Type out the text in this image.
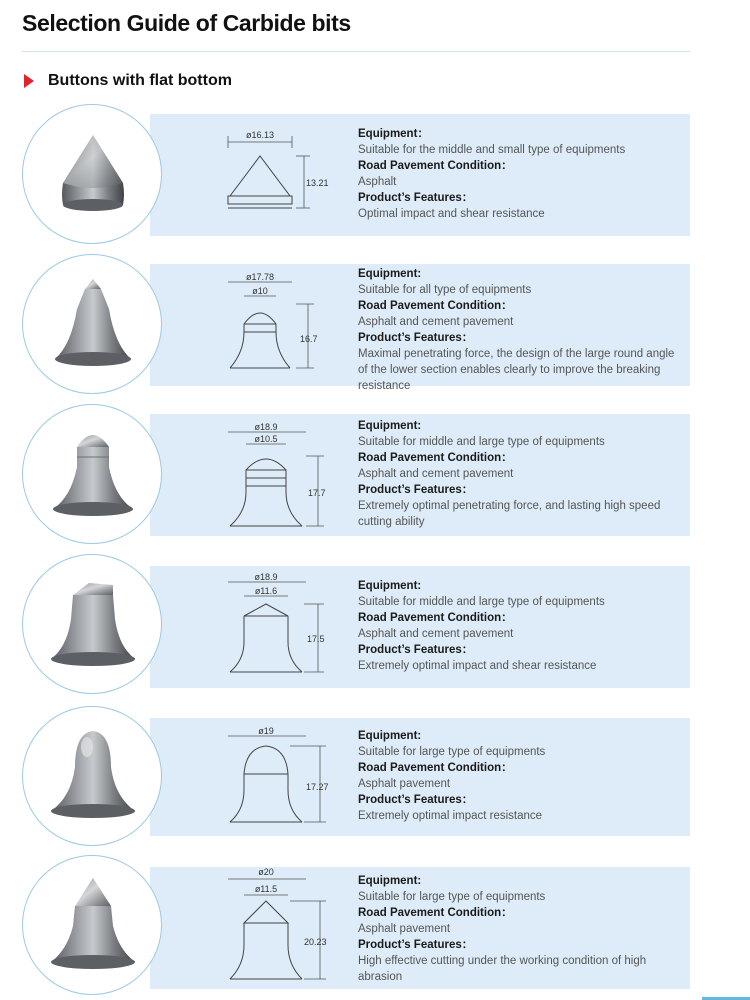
Selection Guide of Carbide bits
Buttons with flat bottom
ø16.13
13.21
Equipment：
Suitable for the middle and small type of equipments
Road Pavement Condition：
Asphalt
Product’s Features：
Optimal impact and shear resistance
ø17.78
ø10
16.7
Equipment:
Suitable for all type of equipments
Road Pavement Condition：
Asphalt and cement pavement
Product’s Features：
Maximal penetrating force, the design of the large round angle of the lower section enables clearly to improve the breaking resistance
ø18.9
ø10.5
17.7
Equipment:
Suitable for middle and large type of equipments
Road Pavement Condition：
Asphalt and cement pavement
Product’s Features：
Extremely optimal penetrating force, and lasting high speed cutting ability
ø18.9
ø11.6
17.5
Equipment:
Suitable for middle and large type of equipments
Road Pavement Condition：
Asphalt and cement pavement
Product’s Features：
Extremely optimal impact and shear resistance
ø19
17.27
Equipment:
Suitable for large type of equipments
Road Pavement Condition：
Asphalt pavement
Product’s Features：
Extremely optimal impact resistance
ø20
ø11.5
20.23
Equipment:
Suitable for large type of equipments
Road Pavement Condition：
Asphalt pavement
Product’s Features：
High effective cutting under the working condition of high abrasion
